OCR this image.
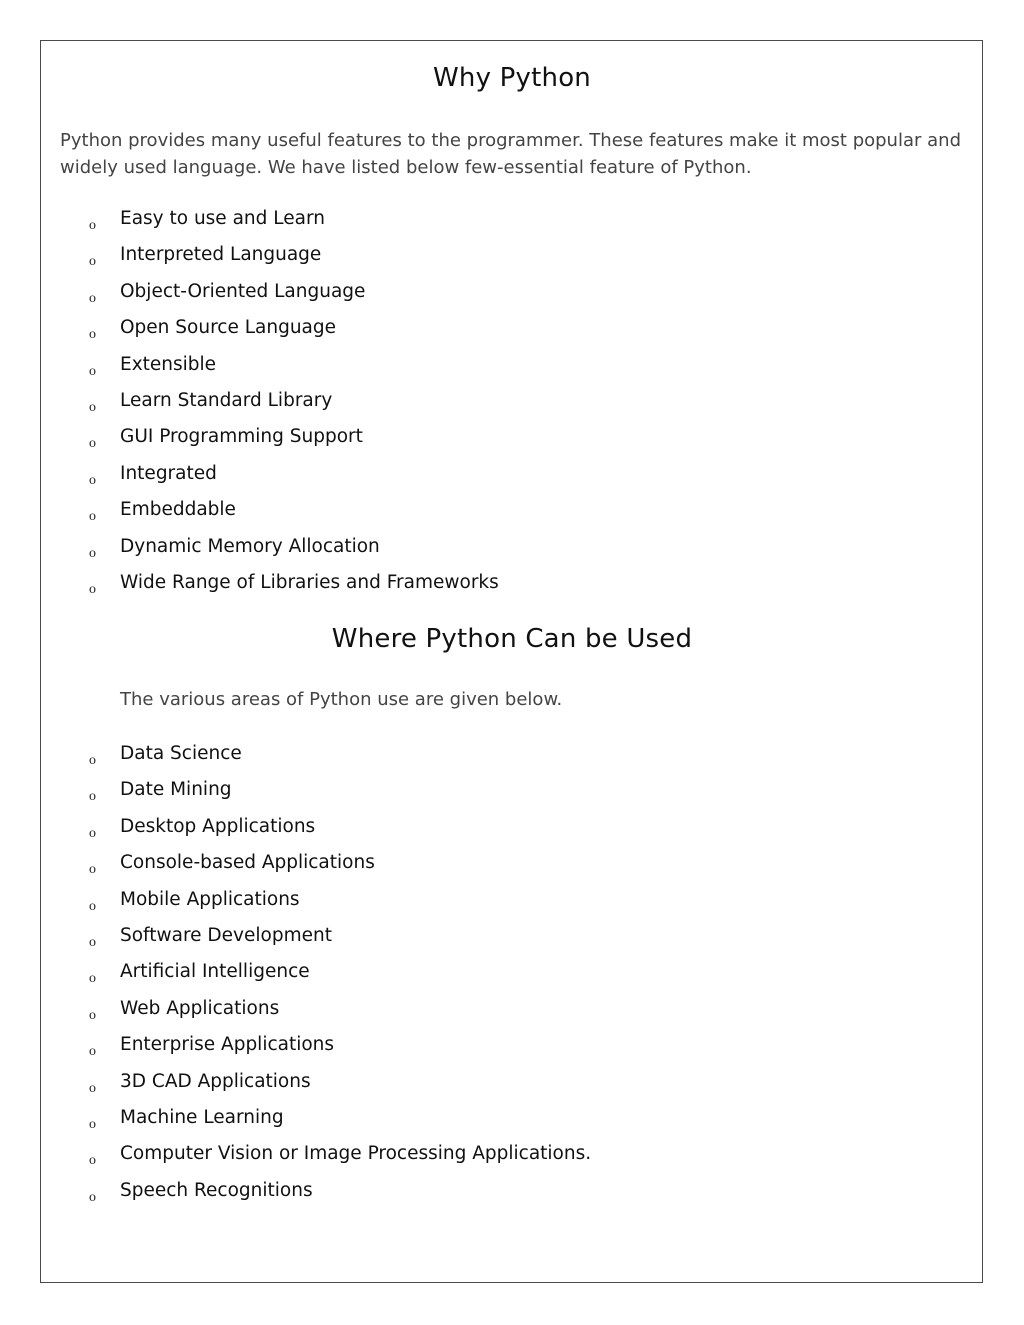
Why Python

Python provides many useful features to the programmer. These features make it most popular and widely used language. We have listed below few-essential feature of Python.

o Easy to use and Learn
o Interpreted Language
o Object-Oriented Language
o Open Source Language
o Extensible
o Learn Standard Library
o GUI Programming Support
o Integrated
o Embeddable
o Dynamic Memory Allocation
o Wide Range of Libraries and Frameworks
Where Python Can be Used

The various areas of Python use are given below.

o Data Science
o Date Mining
o Desktop Applications
o Console-based Applications
o Mobile Applications
o Software Development
o Artificial Intelligence
o Web Applications
o Enterprise Applications
o 3D CAD Applications
o Machine Learning
o Computer Vision or Image Processing Applications.
o Speech Recognitions
